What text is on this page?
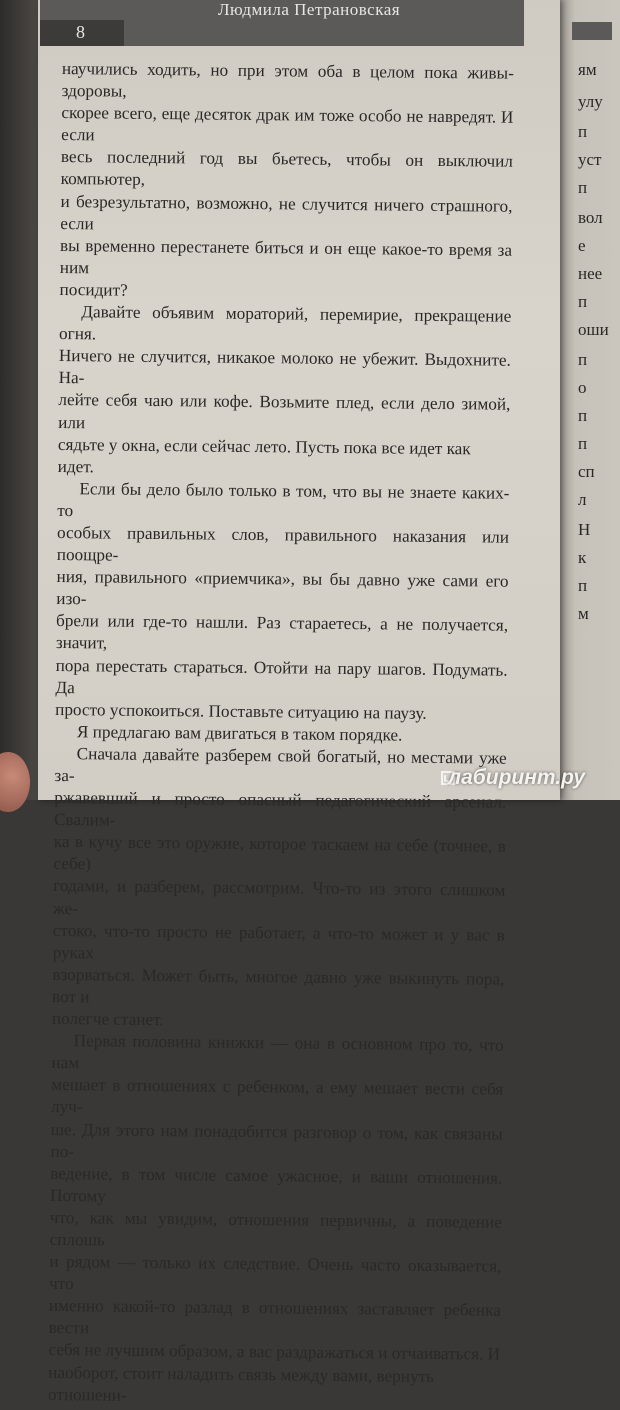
ям
улу
п
уст
п
вол
е
нее
п
оши
п
о
п
п
сп
л
Н
к
п
м
8
Людмила Петрановская

научились ходить, но при этом оба в целом пока живы-здоровы,

скорее всего, еще десяток драк им тоже особо не навредят. И если

весь последний год вы бьетесь, чтобы он выключил компьютер,

и безрезультатно, возможно, не случится ничего страшного, если

вы временно перестанете биться и он еще какое-то время за ним

посидит?

Давайте объявим мораторий, перемирие, прекращение огня.

Ничего не случится, никакое молоко не убежит. Выдохните. На-

лейте себя чаю или кофе. Возьмите плед, если дело зимой, или

сядьте у окна, если сейчас лето. Пусть пока все идет как идет.

Если бы дело было только в том, что вы не знаете каких-то

особых правильных слов, правильного наказания или поощре-

ния, правильного «приемчика», вы бы давно уже сами его изо-

брели или где-то нашли. Раз стараетесь, а не получается, значит,

пора перестать стараться. Отойти на пару шагов. Подумать. Да

просто успокоиться. Поставьте ситуацию на паузу.

Я предлагаю вам двигаться в таком порядке.

Сначала давайте разберем свой богатый, но местами уже за-

ржавевший и просто опасный педагогический арсенал. Свалим-

ка в кучу все это оружие, которое таскаем на себе (точнее, в себе)

годами, и разберем, рассмотрим. Что-то из этого слишком же-

стоко, что-то просто не работает, а что-то может и у вас в руках

взорваться. Может быть, многое давно уже выкинуть пора, вот и

полегче станет.

Первая половина книжки — она в основном про то, что нам

мешает в отношениях с ребенком, а ему мешает вести себя луч-

ше. Для этого нам понадобится разговор о том, как связаны по-

ведение, в том числе самое ужасное, и ваши отношения. Потому

что, как мы увидим, отношения первичны, а поведение сплошь

и рядом — только их следствие. Очень часто оказывается, что

именно какой-то разлад в отношениях заставляет ребенка вести

себя не лучшим образом, а вас раздражаться и отчаиваться. И

наоборот, стоит наладить связь между вами, вернуть отношени-

лабиринт.ру
